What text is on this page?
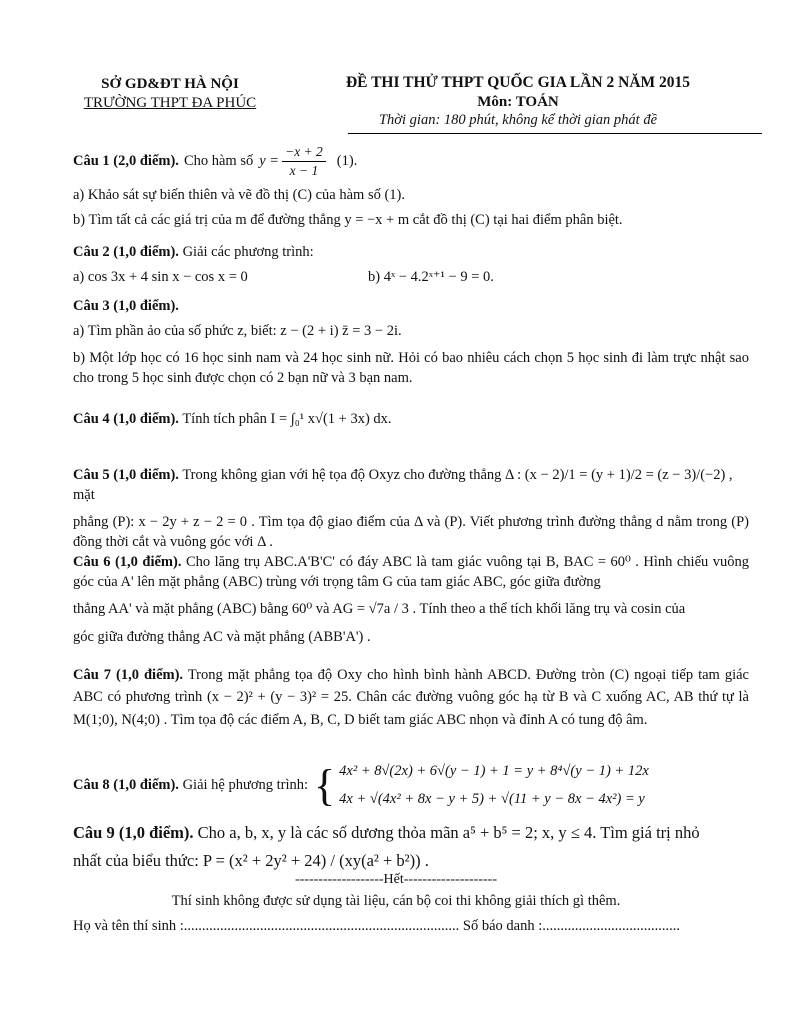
SỞ GD&ĐT HÀ NỘI
TRƯỜNG THPT ĐA PHÚC
ĐỀ THI THỬ THPT QUỐC GIA LẦN 2 NĂM 2015
Môn: TOÁN
Thời gian: 180 phút, không kể thời gian phát đề
Câu 1 (2,0 điểm). Cho hàm số $y = \frac{-x + 2}{x - 1} (1)$.
a) Khảo sát sự biến thiên và vẽ đồ thị (C) của hàm số (1).
b) Tìm tất cả các giá trị của m để đường thẳng y = −x + m cắt đồ thị (C) tại hai điểm phân biệt.
Câu 2 (1,0 điểm). Giải các phương trình:
a) cos 3x + 4 sin x − cos x = 0	b) 4ˣ − 4.2ˣ⁺¹ − 9 = 0.
Câu 3 (1,0 điểm).
a) Tìm phần ảo của số phức z, biết: z − (2 + i) z̄ = 3 − 2i.
b) Một lớp học có 16 học sinh nam và 24 học sinh nữ. Hỏi có bao nhiêu cách chọn 5 học sinh đi làm trực nhật sao cho trong 5 học sinh được chọn có 2 bạn nữ và 3 bạn nam.
Câu 4 (1,0 điểm). Tính tích phân I = ∫₀¹ x√(1 + 3x) dx.
Câu 5 (1,0 điểm). Trong không gian với hệ tọa độ Oxyz cho đường thẳng Δ : (x − 2)/1 = (y + 1)/2 = (z − 3)/(−2) , mặt
phẳng (P): x − 2y + z − 2 = 0 . Tìm tọa độ giao điểm của Δ và (P). Viết phương trình đường thẳng d nằm trong (P) đồng thời cắt và vuông góc với Δ .
Câu 6 (1,0 điểm). Cho lăng trụ ABC.A'B'C' có đáy ABC là tam giác vuông tại B, BAC = 60⁰ . Hình chiếu vuông góc của A' lên mặt phẳng (ABC) trùng với trọng tâm G của tam giác ABC, góc giữa đường
thẳng AA' và mặt phẳng (ABC) bằng 60⁰ và AG = √7a / 3 . Tính theo a thể tích khối lăng trụ và cosin của
góc giữa đường thẳng AC và mặt phẳng (ABB'A') .
Câu 7 (1,0 điểm). Trong mặt phẳng tọa độ Oxy cho hình bình hành ABCD. Đường tròn (C) ngoại tiếp tam giác ABC có phương trình (x − 2)² + (y − 3)² = 25. Chân các đường vuông góc hạ từ B và C xuống AC, AB thứ tự là M(1;0), N(4;0) . Tìm tọa độ các điểm A, B, C, D biết tam giác ABC nhọn và đỉnh A có tung độ âm.
Câu 8 (1,0 điểm). Giải hệ phương trình: { 4x² + 8√(2x) + 6√(y − 1) + 1 = y + 8⁴√(y − 1) + 12x
4x + √(4x² + 8x − y + 5) + √(11 + y − 8x − 4x²) = y
Câu 9 (1,0 điểm). Cho a, b, x, y là các số dương thỏa mãn a⁵ + b⁵ = 2; x, y ≤ 4. Tìm giá trị nhỏ
nhất của biểu thức: P = (x² + 2y² + 24) / (xy(a² + b²)) .
-------------------Hết--------------------
Thí sinh không được sử dụng tài liệu, cán bộ coi thi không giải thích gì thêm.
Họ và tên thí sinh :............................................................................ Số báo danh :......................................
